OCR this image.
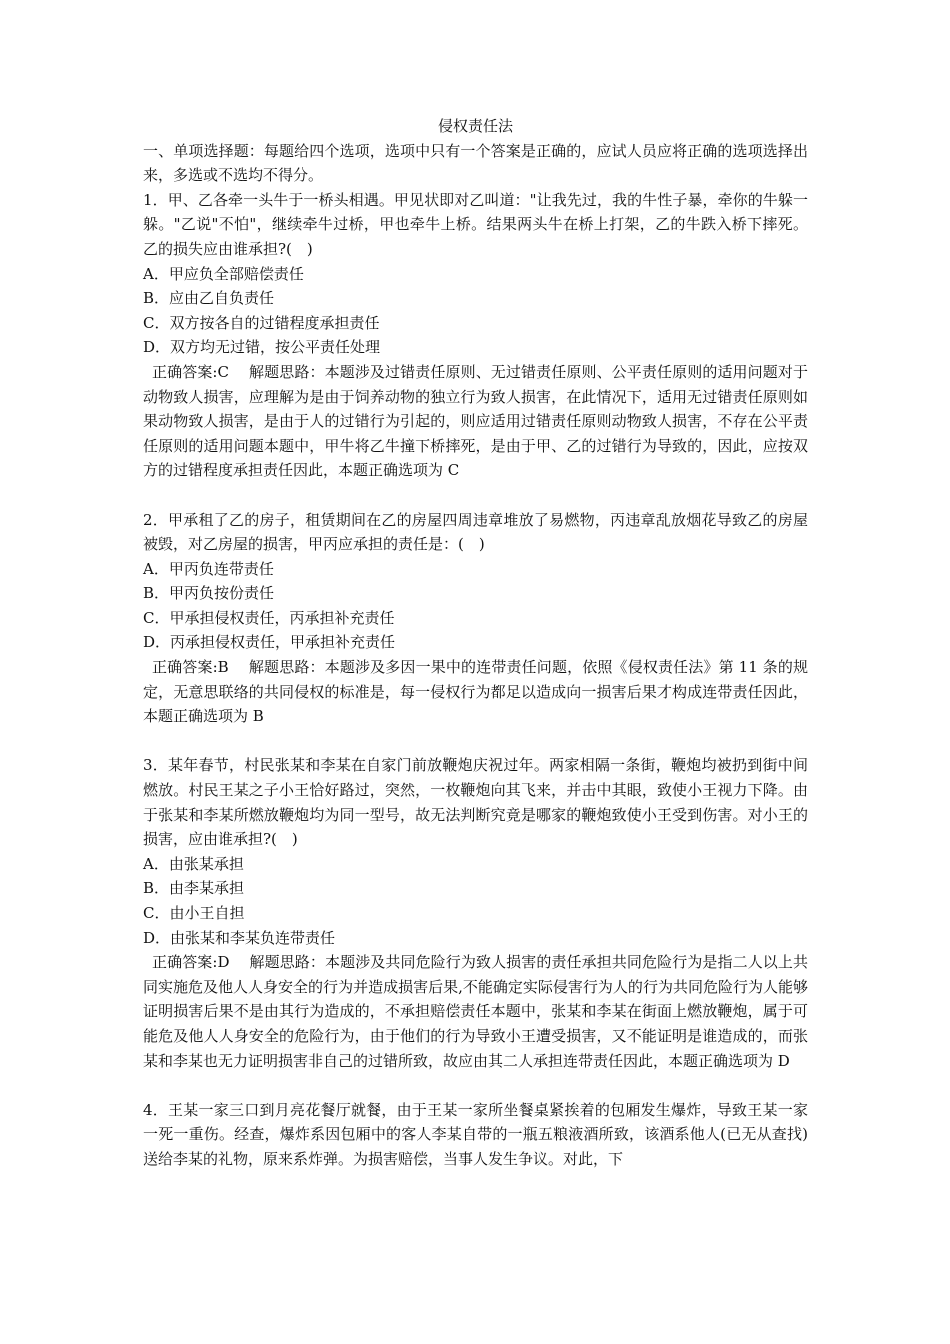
侵权责任法

一、单项选择题：每题给四个选项，选项中只有一个答案是正确的，应试人员应将正确的选项选择出来，多选或不选均不得分。

1．甲、乙各牵一头牛于一桥头相遇。甲见状即对乙叫道："让我先过，我的牛性子暴，牵你的牛躲一躲。"乙说"不怕"，继续牵牛过桥，甲也牵牛上桥。结果两头牛在桥上打架，乙的牛跌入桥下摔死。乙的损失应由谁承担?(　)

A．甲应负全部赔偿责任

B．应由乙自负责任

C．双方按各自的过错程度承担责任

D．双方均无过错，按公平责任处理

正确答案:C　 解题思路：本题涉及过错责任原则、无过错责任原则、公平责任原则的适用问题对于动物致人损害，应理解为是由于饲养动物的独立行为致人损害，在此情况下，适用无过错责任原则如果动物致人损害，是由于人的过错行为引起的，则应适用过错责任原则动物致人损害，不存在公平责任原则的适用问题本题中，甲牛将乙牛撞下桥摔死，是由于甲、乙的过错行为导致的，因此，应按双方的过错程度承担责任因此，本题正确选项为 C

2．甲承租了乙的房子，租赁期间在乙的房屋四周违章堆放了易燃物，丙违章乱放烟花导致乙的房屋被毁，对乙房屋的损害，甲丙应承担的责任是：(　)

A．甲丙负连带责任

B．甲丙负按份责任

C．甲承担侵权责任，丙承担补充责任

D．丙承担侵权责任，甲承担补充责任

正确答案:B　 解题思路：本题涉及多因一果中的连带责任问题，依照《侵权责任法》第 11 条的规定，无意思联络的共同侵权的标准是，每一侵权行为都足以造成向一损害后果才构成连带责任因此，本题正确选项为 B

3．某年春节，村民张某和李某在自家门前放鞭炮庆祝过年。两家相隔一条街，鞭炮均被扔到街中间燃放。村民王某之子小王恰好路过，突然，一枚鞭炮向其飞来，并击中其眼，致使小王视力下降。由于张某和李某所燃放鞭炮均为同一型号，故无法判断究竟是哪家的鞭炮致使小王受到伤害。对小王的损害，应由谁承担?(　)

A．由张某承担

B．由李某承担

C．由小王自担

D．由张某和李某负连带责任

正确答案:D　 解题思路：本题涉及共同危险行为致人损害的责任承担共同危险行为是指二人以上共同实施危及他人人身安全的行为并造成损害后果,不能确定实际侵害行为人的行为共同危险行为人能够证明损害后果不是由其行为造成的，不承担赔偿责任本题中，张某和李某在街面上燃放鞭炮，属于可能危及他人人身安全的危险行为，由于他们的行为导致小王遭受损害，又不能证明是谁造成的，而张某和李某也无力证明损害非自己的过错所致，故应由其二人承担连带责任因此，本题正确选项为 D

4．王某一家三口到月亮花餐厅就餐，由于王某一家所坐餐桌紧挨着的包厢发生爆炸，导致王某一家一死一重伤。经查，爆炸系因包厢中的客人李某自带的一瓶五粮液酒所致，该酒系他人(已无从查找)送给李某的礼物，原来系炸弹。为损害赔偿，当事人发生争议。对此，下
